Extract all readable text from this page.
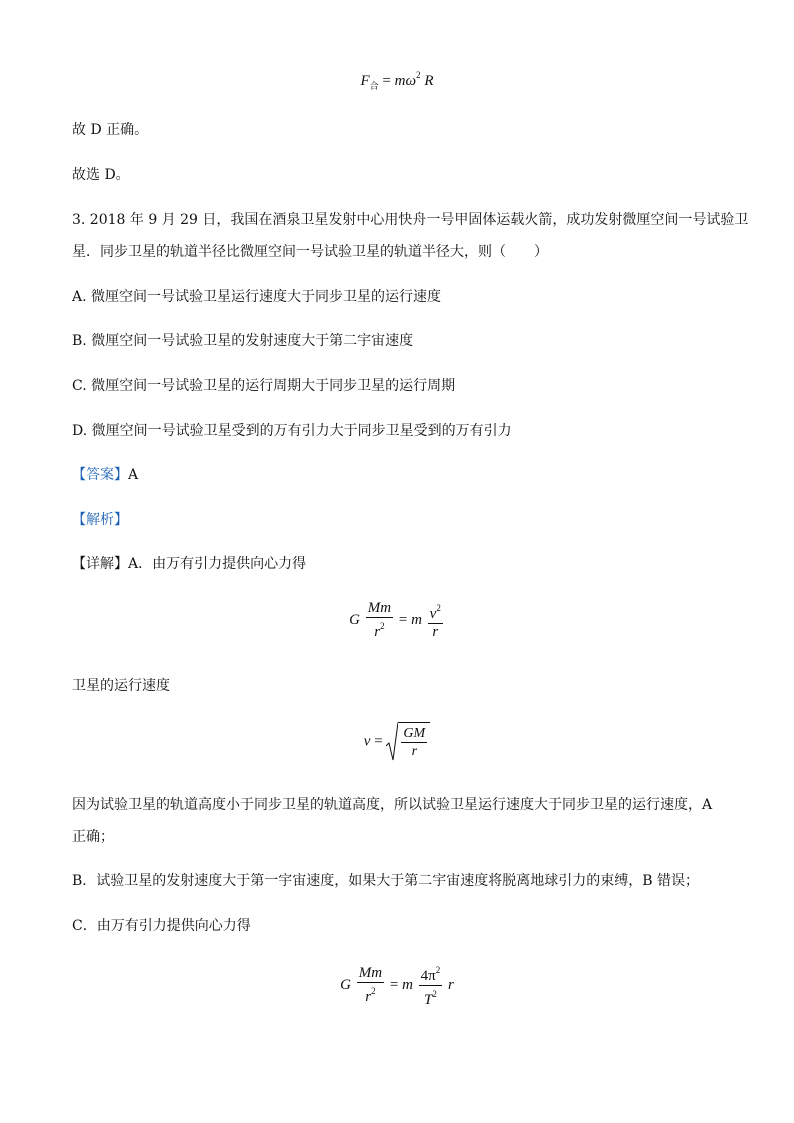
$F_合 = m\omega^2$ R
故 D 正确。
故选 D。
3. 2018 年 9 月 29 日，我国在酒泉卫星发射中心用快舟一号甲固体运载火箭，成功发射微厘空间一号试验卫
星．同步卫星的轨道半径比微厘空间一号试验卫星的轨道半径大，则（　　）
A. 微厘空间一号试验卫星运行速度大于同步卫星的运行速度
B. 微厘空间一号试验卫星的发射速度大于第二宇宙速度
C. 微厘空间一号试验卫星的运行周期大于同步卫星的运行周期
D. 微厘空间一号试验卫星受到的万有引力大于同步卫星受到的万有引力
【答案】A
【解析】
【详解】A．由万有引力提供向心力得
G $\frac{Mm}{r^2} = m \frac{v^2}{r}$
卫星的运行速度
$v = \frac{GM}{r}$
因为试验卫星的轨道高度小于同步卫星的轨道高度，所以试验卫星运行速度大于同步卫星的运行速度，A
正确；
B．试验卫星的发射速度大于第一宇宙速度，如果大于第二宇宙速度将脱离地球引力的束缚，B 错误；
C．由万有引力提供向心力得
G $\frac{Mm}{r^2} = m \frac{4\pi^2}{T^2}$ r
